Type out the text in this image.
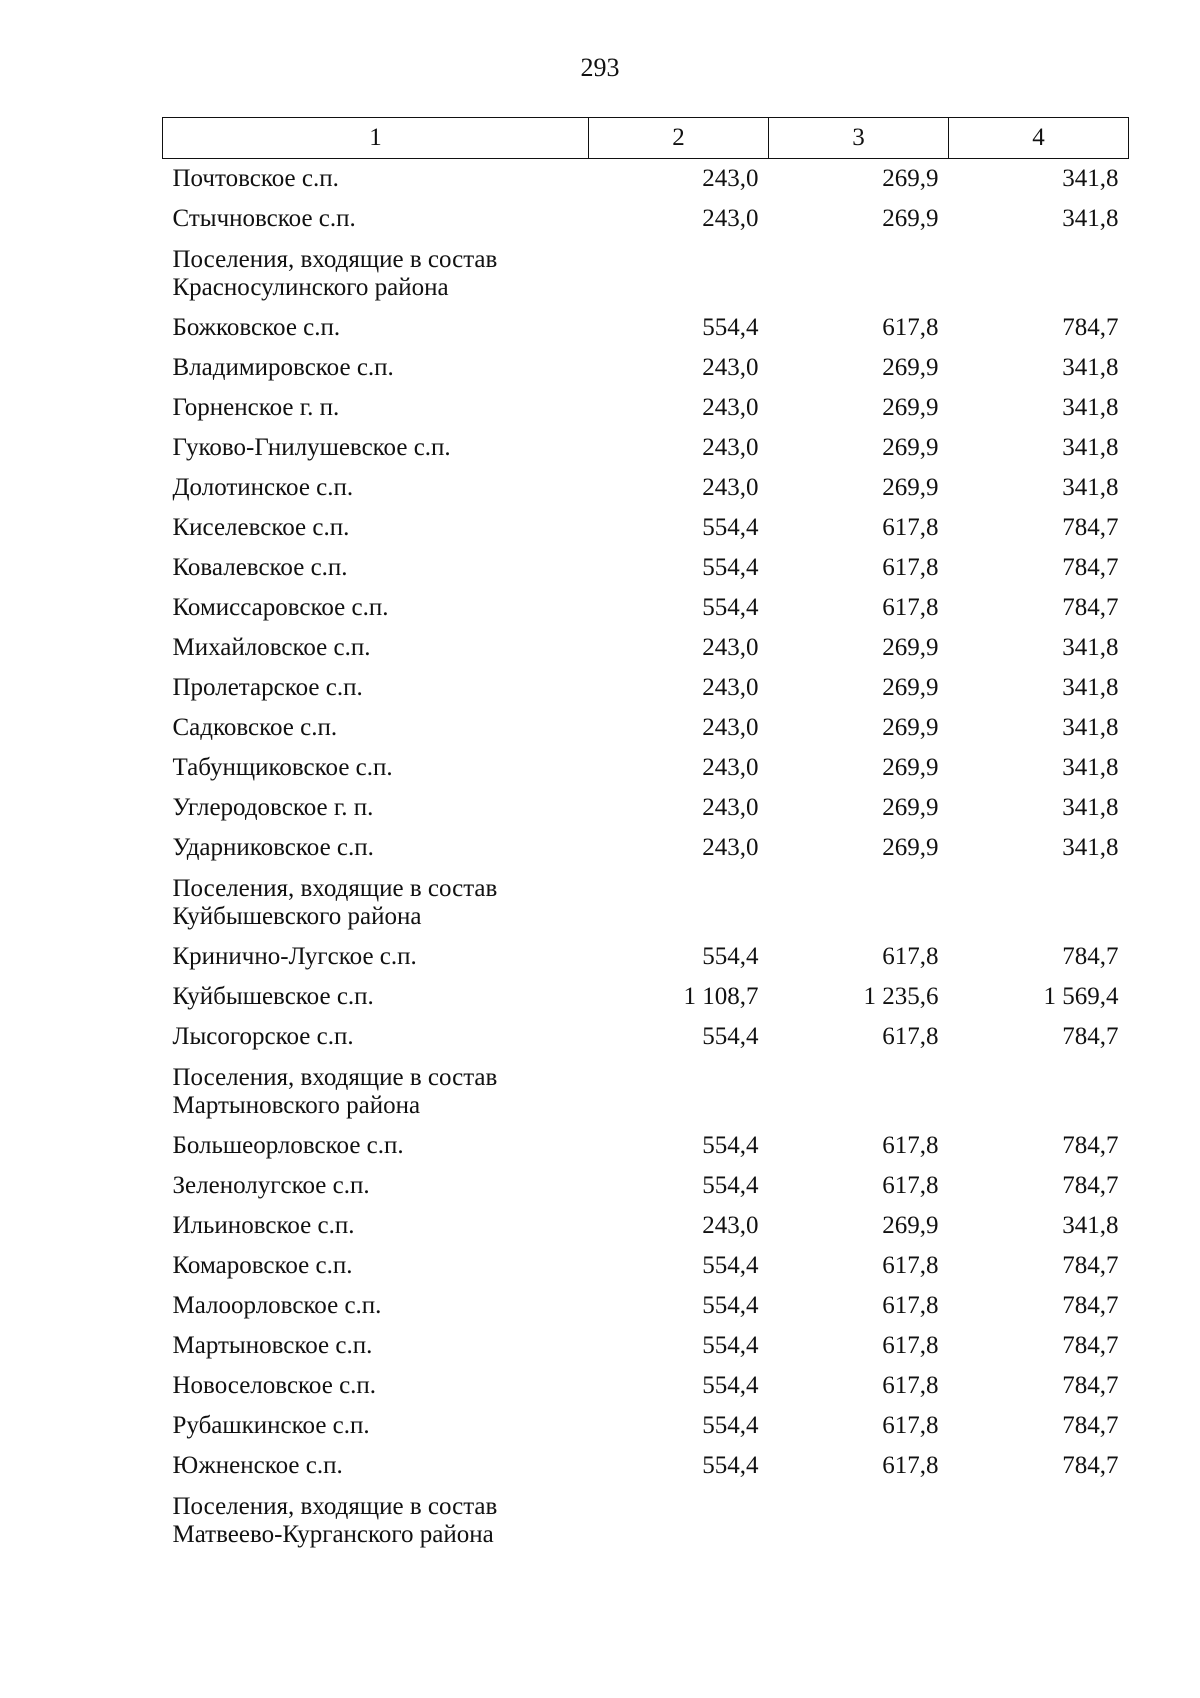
293
1	2	3	4
Почтовское с.п.	243,0	269,9	341,8
Стычновское с.п.	243,0	269,9	341,8

Поселения, входящие в состав
Красносулинского района			

Божковское с.п.	554,4	617,8	784,7
Владимировское с.п.	243,0	269,9	341,8
Горненское г. п.	243,0	269,9	341,8
Гуково-Гнилушевское с.п.	243,0	269,9	341,8
Долотинское с.п.	243,0	269,9	341,8
Киселевское с.п.	554,4	617,8	784,7
Ковалевское с.п.	554,4	617,8	784,7
Комиссаровское с.п.	554,4	617,8	784,7
Михайловское с.п.	243,0	269,9	341,8
Пролетарское с.п.	243,0	269,9	341,8
Садковское с.п.	243,0	269,9	341,8
Табунщиковское с.п.	243,0	269,9	341,8
Углеродовское г. п.	243,0	269,9	341,8
Ударниковское с.п.	243,0	269,9	341,8

Поселения, входящие в состав
Куйбышевского района			

Кринично-Лугское с.п.	554,4	617,8	784,7
Куйбышевское с.п.	1 108,7	1 235,6	1 569,4
Лысогорское с.п.	554,4	617,8	784,7

Поселения, входящие в состав
Мартыновского района			

Большеорловское с.п.	554,4	617,8	784,7
Зеленолугское с.п.	554,4	617,8	784,7
Ильиновское с.п.	243,0	269,9	341,8
Комаровское с.п.	554,4	617,8	784,7
Малоорловское с.п.	554,4	617,8	784,7
Мартыновское с.п.	554,4	617,8	784,7
Новоселовское с.п.	554,4	617,8	784,7
Рубашкинское с.п.	554,4	617,8	784,7
Южненское с.п.	554,4	617,8	784,7

Поселения, входящие в состав
Матвеево-Курганского района			
